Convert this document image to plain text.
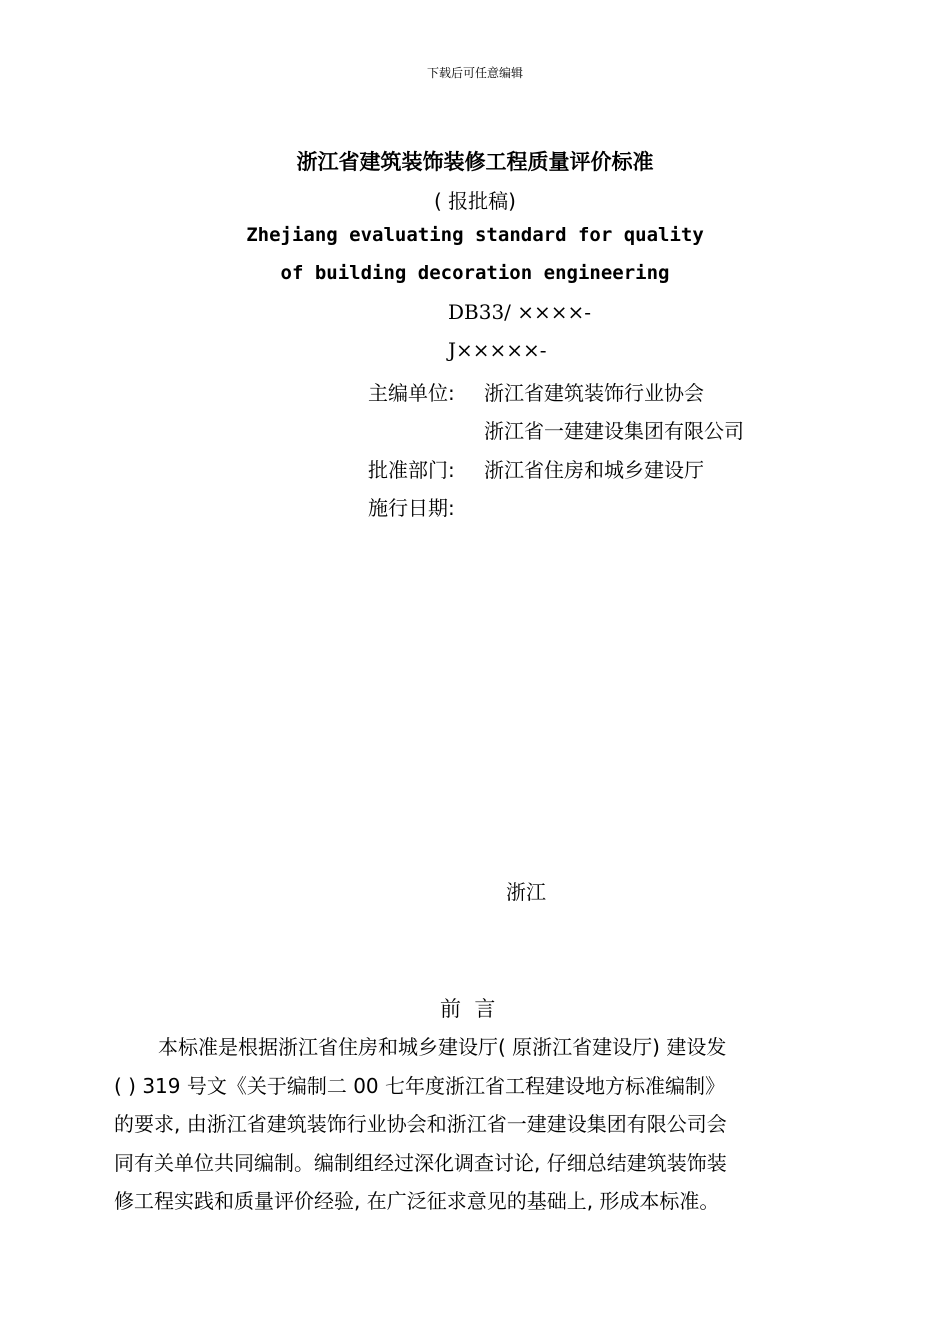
下载后可任意编辑
浙江省建筑装饰装修工程质量评价标准
( 报批稿)
Zhejiang evaluating standard for quality
of building decoration engineering
DB33/ ××××-
J×××××-
主编单位: 浙江省建筑装饰行业协会
浙江省一建建设集团有限公司
批准部门: 浙江省住房和城乡建设厅
施行日期:
浙江
前  言
本标准是根据浙江省住房和城乡建设厅( 原浙江省建设厅) 建设发
( ) 319 号文《关于编制二 00 七年度浙江省工程建设地方标准编制》
的要求, 由浙江省建筑装饰行业协会和浙江省一建建设集团有限公司会
同有关单位共同编制。编制组经过深化调查讨论, 仔细总结建筑装饰装
修工程实践和质量评价经验, 在广泛征求意见的基础上, 形成本标准。
